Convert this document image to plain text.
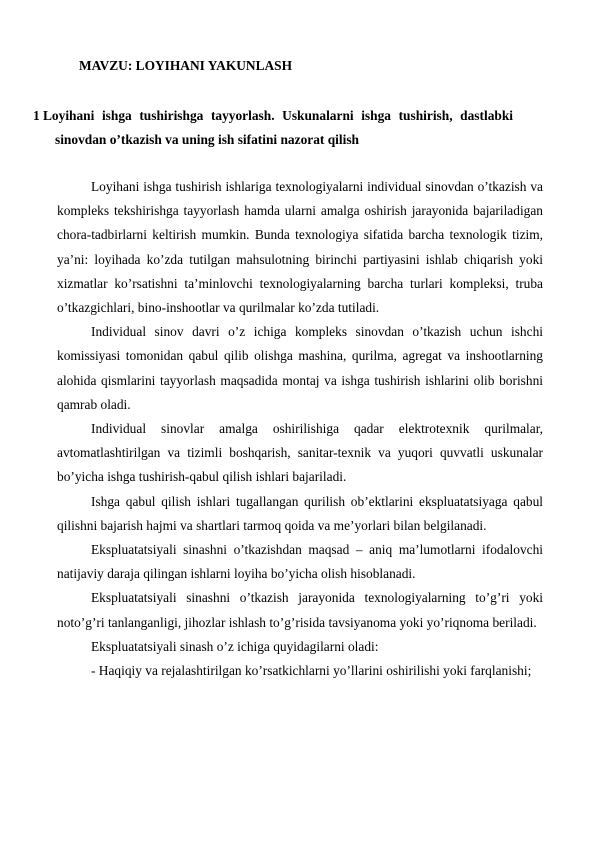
MAVZU: LOYIHANI YAKUNLASH
1 Loyihani ishga tushirishga tayyorlash. Uskunalarni ishga tushirish, dastlabki
sinovdan o’tkazish va uning ish sifatini nazorat qilish

Loyihani ishga tushirish ishlariga texnologiyalarni individual sinovdan o’tkazish va kompleks tekshirishga tayyorlash hamda ularni amalga oshirish jarayonida bajariladigan chora-tadbirlarni keltirish mumkin. Bunda texnologiya sifatida barcha texnologik tizim, ya’ni: loyihada ko’zda tutilgan mahsulotning birinchi partiyasini ishlab chiqarish yoki xizmatlar ko’rsatishni ta’minlovchi texnologiyalarning barcha turlari kompleksi, truba o’tkazgichlari, bino-inshootlar va qurilmalar ko’zda tutiladi.

Individual sinov davri o’z ichiga kompleks sinovdan o’tkazish uchun ishchi komissiyasi tomonidan qabul qilib olishga mashina, qurilma, agregat va inshootlarning alohida qismlarini tayyorlash maqsadida montaj va ishga tushirish ishlarini olib borishni qamrab oladi.

Individual sinovlar amalga oshirilishiga qadar elektrotexnik qurilmalar, avtomatlashtirilgan va tizimli boshqarish, sanitar-texnik va yuqori quvvatli uskunalar bo’yicha ishga tushirish-qabul qilish ishlari bajariladi.

Ishga qabul qilish ishlari tugallangan qurilish ob’ektlarini ekspluatatsiyaga qabul qilishni bajarish hajmi va shartlari tarmoq qoida va me’yorlari bilan belgilanadi.

Ekspluatatsiyali sinashni o’tkazishdan maqsad – aniq ma’lumotlarni ifodalovchi natijaviy daraja qilingan ishlarni loyiha bo’yicha olish hisoblanadi.

Ekspluatatsiyali sinashni o’tkazish jarayonida texnologiyalarning to’g’ri yoki noto’g’ri tanlanganligi, jihozlar ishlash to’g’risida tavsiyanoma yoki yo’riqnoma beriladi.

Ekspluatatsiyali sinash o’z ichiga quyidagilarni oladi:

- Haqiqiy va rejalashtirilgan ko’rsatkichlarni yo’llarini oshirilishi yoki farqlanishi;
